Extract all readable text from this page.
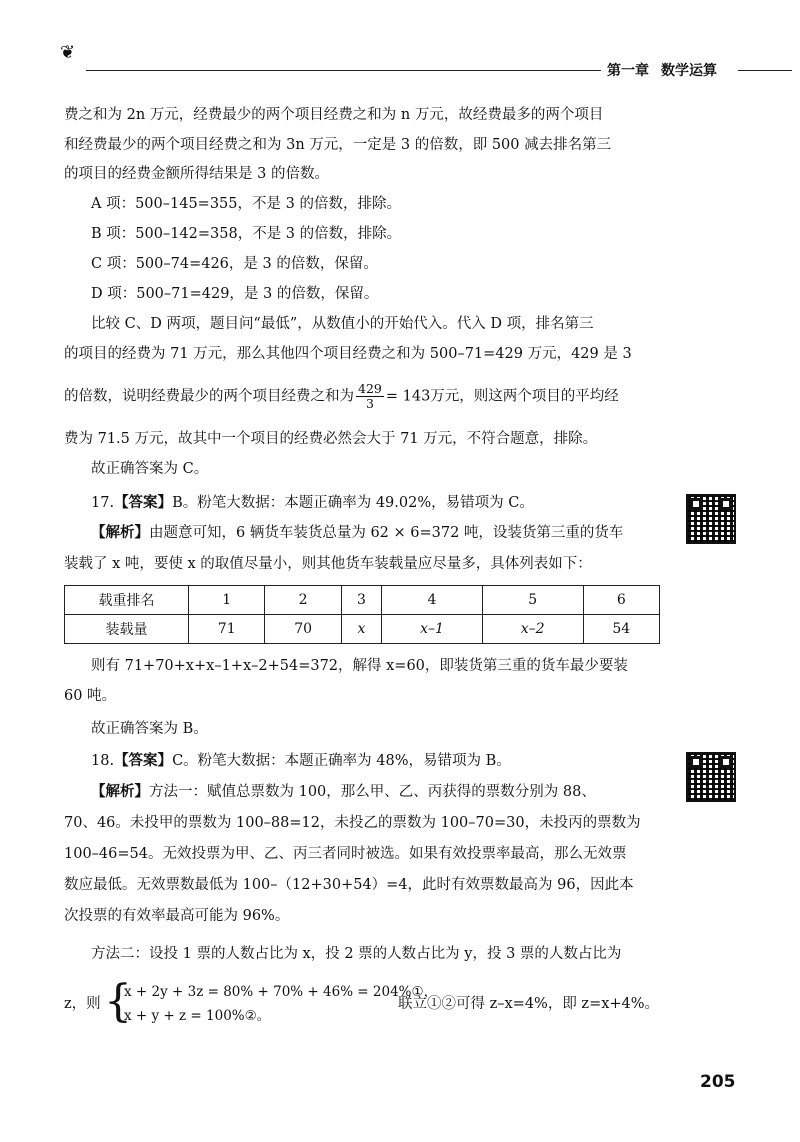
❦
第一章 数学运算
费之和为 2n 万元，经费最少的两个项目经费之和为 n 万元，故经费最多的两个项目
和经费最少的两个项目经费之和为 3n 万元，一定是 3 的倍数，即 500 减去排名第三
的项目的经费金额所得结果是 3 的倍数。
A 项：500–145=355，不是 3 的倍数，排除。
B 项：500–142=358，不是 3 的倍数，排除。
C 项：500–74=426，是 3 的倍数，保留。
D 项：500–71=429，是 3 的倍数，保留。
比较 C、D 两项，题目问“最低”，从数值小的开始代入。代入 D 项，排名第三
的项目的经费为 71 万元，那么其他四个项目经费之和为 500–71=429 万元，429 是 3
的倍数，说明经费最少的两个项目经费之和为 $\frac{429}{3} = 143$万元，则这两个项目的平均经
费为 71.5 万元，故其中一个项目的经费必然会大于 71 万元，不符合题意，排除。
故正确答案为 C。
17.【答案】B。粉笔大数据：本题正确率为 49.02%，易错项为 C。
【解析】由题意可知，6 辆货车装货总量为 62 × 6=372 吨，设装货第三重的货车
装载了 x 吨，要使 x 的取值尽量小，则其他货车装载量应尽量多，具体列表如下：
载重排名	1	2	3	4	5	6
装载量	71	70	x	x–1	x–2	54
则有 71+70+x+x–1+x–2+54=372，解得 x=60，即装货第三重的货车最少要装
60 吨。
故正确答案为 B。
18.【答案】C。粉笔大数据：本题正确率为 48%，易错项为 B。
【解析】方法一：赋值总票数为 100，那么甲、乙、丙获得的票数分别为 88、
70、46。未投甲的票数为 100–88=12，未投乙的票数为 100–70=30，未投丙的票数为
100–46=54。无效投票为甲、乙、丙三者同时被选。如果有效投票率最高，那么无效票
数应最低。无效票数最低为 100–（12+30+54）=4，此时有效票数最高为 96，因此本
次投票的有效率最高可能为 96%。
方法二：设投 1 票的人数占比为 x，投 2 票的人数占比为 y，投 3 票的人数占比为
z，则 {
x + 2y + 3z = 80% + 70% + 46% = 204%①，
x + y + z = 100%②。
联立①②可得 z–x=4%，即 z=x+4%。
205
